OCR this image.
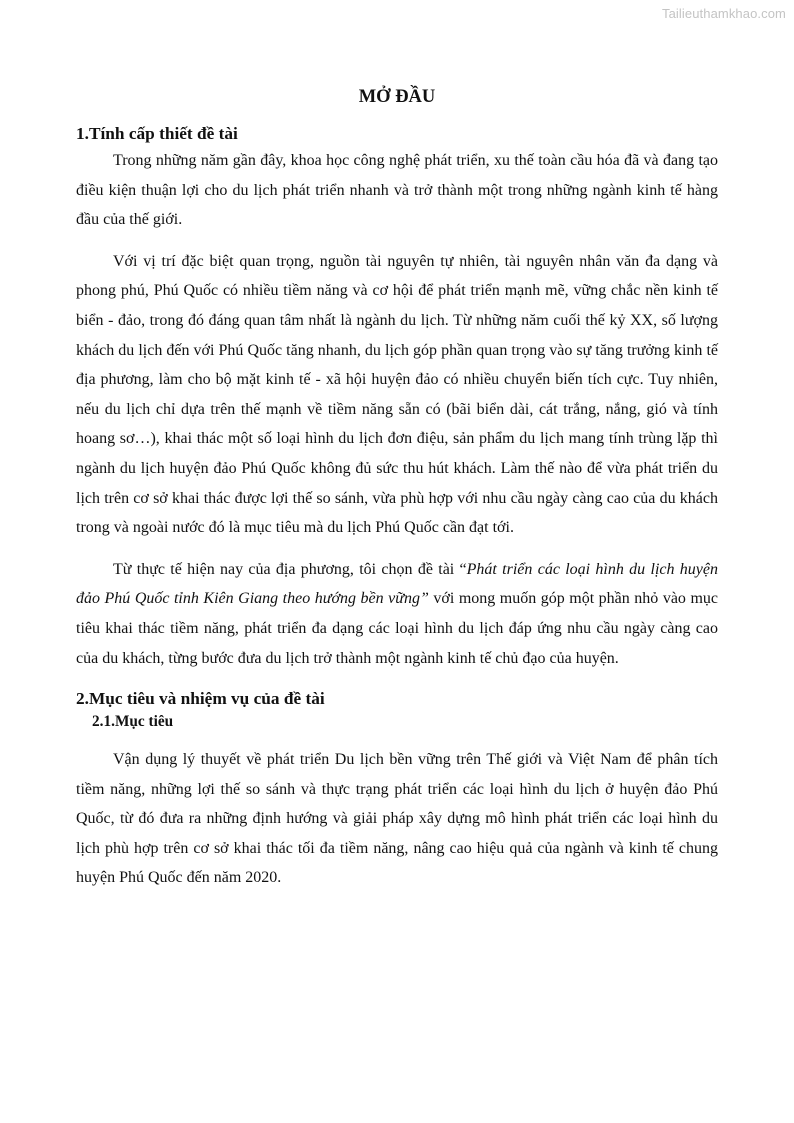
Tailieuthamkhao.com
MỞ ĐẦU
1.Tính cấp thiết đề tài

Trong những năm gần đây, khoa học công nghệ phát triển, xu thế toàn cầu hóa đã và đang tạo điều kiện thuận lợi cho du lịch phát triển nhanh và trở thành một trong những ngành kinh tế hàng đầu của thế giới.

Với vị trí đặc biệt quan trọng, nguồn tài nguyên tự nhiên, tài nguyên nhân văn đa dạng và phong phú, Phú Quốc có nhiều tiềm năng và cơ hội để phát triển mạnh mẽ, vững chắc nền kinh tế biển - đảo, trong đó đáng quan tâm nhất là ngành du lịch. Từ những năm cuối thế kỷ XX, số lượng khách du lịch đến với Phú Quốc tăng nhanh, du lịch góp phần quan trọng vào sự tăng trưởng kinh tế địa phương, làm cho bộ mặt kinh tế - xã hội huyện đảo có nhiều chuyển biến tích cực. Tuy nhiên, nếu du lịch chỉ dựa trên thế mạnh về tiềm năng sẵn có (bãi biển dài, cát trắng, nắng, gió và tính hoang sơ…), khai thác một số loại hình du lịch đơn điệu, sản phẩm du lịch mang tính trùng lặp thì ngành du lịch huyện đảo Phú Quốc không đủ sức thu hút khách. Làm thế nào để vừa phát triển du lịch trên cơ sở khai thác được lợi thế so sánh, vừa phù hợp với nhu cầu ngày càng cao của du khách trong và ngoài nước đó là mục tiêu mà du lịch Phú Quốc cần đạt tới.

Từ thực tế hiện nay của địa phương, tôi chọn đề tài “Phát triển các loại hình du lịch huyện đảo Phú Quốc tỉnh Kiên Giang theo hướng bền vững” với mong muốn góp một phần nhỏ vào mục tiêu khai thác tiềm năng, phát triển đa dạng các loại hình du lịch đáp ứng nhu cầu ngày càng cao của du khách, từng bước đưa du lịch trở thành một ngành kinh tế chủ đạo của huyện.

2.Mục tiêu và nhiệm vụ của đề tài
2.1.Mục tiêu

Vận dụng lý thuyết về phát triển Du lịch bền vững trên Thế giới và Việt Nam để phân tích tiềm năng, những lợi thế so sánh và thực trạng phát triển các loại hình du lịch ở huyện đảo Phú Quốc, từ đó đưa ra những định hướng và giải pháp xây dựng mô hình phát triển các loại hình du lịch phù hợp trên cơ sở khai thác tối đa tiềm năng, nâng cao hiệu quả của ngành và kinh tế chung huyện Phú Quốc đến năm 2020.
